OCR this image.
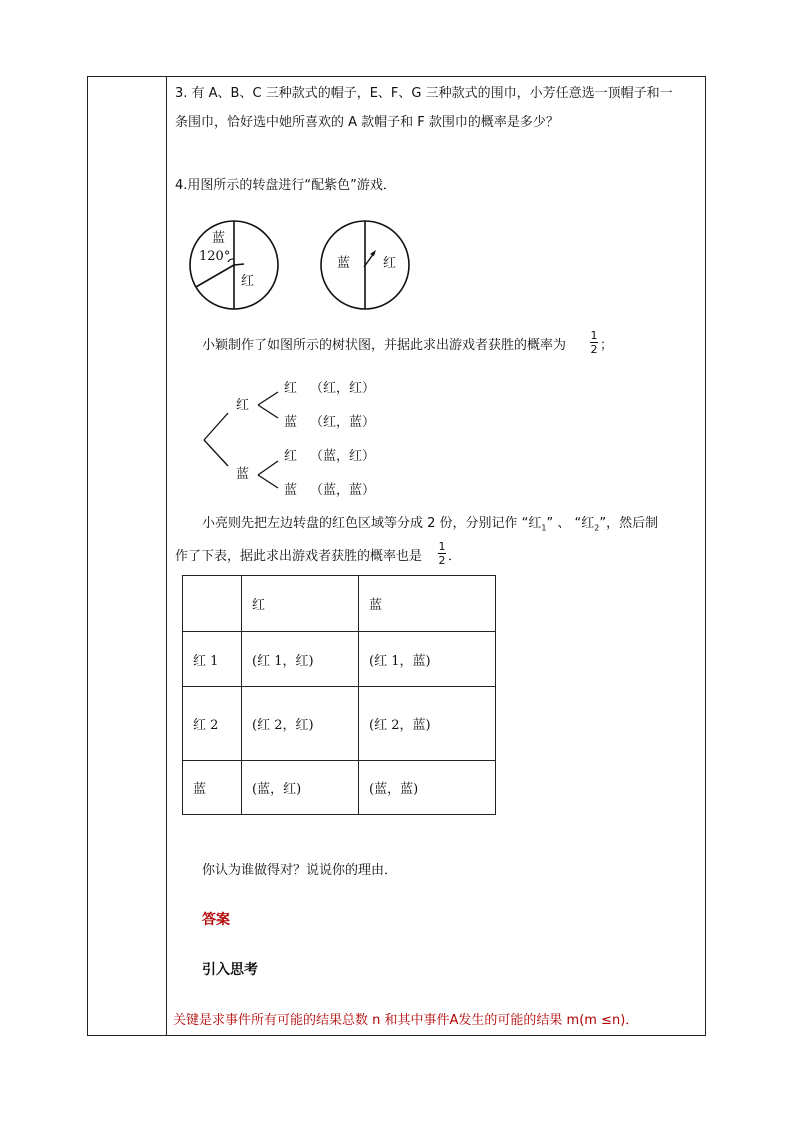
3. 有 A、B、C 三种款式的帽子，E、F、G 三种款式的围巾，小芳任意选一顶帽子和一
条围巾，恰好选中她所喜欢的 A 款帽子和 F 款围巾的概率是多少？
4.用图所示的转盘进行“配紫色”游戏．
蓝
120°
红
蓝	红
小颖制作了如图所示的树状图，并据此求出游戏者获胜的概率为
1
2 ；
红
蓝
红 （红，红）
蓝 （红，蓝）
红 （蓝，红）
蓝 （蓝，蓝）
小亮则先把左边转盘的红色区域等分成 2 份，分别记作 “红$_1$” 、 “红$_2$”，然后制
作了下表，据此求出游戏者获胜的概率也是
1
2 ．
	红	蓝
红 1	(红 1，红)	(红 1，蓝)
红 2	(红 2，红)	(红 2，蓝)
蓝	(蓝，红)	(蓝，蓝)
你认为谁做得对？说说你的理由．
答案
引入思考
关键是求事件所有可能的结果总数 n 和其中事件A发生的可能的结果 m(m ≤n)．
